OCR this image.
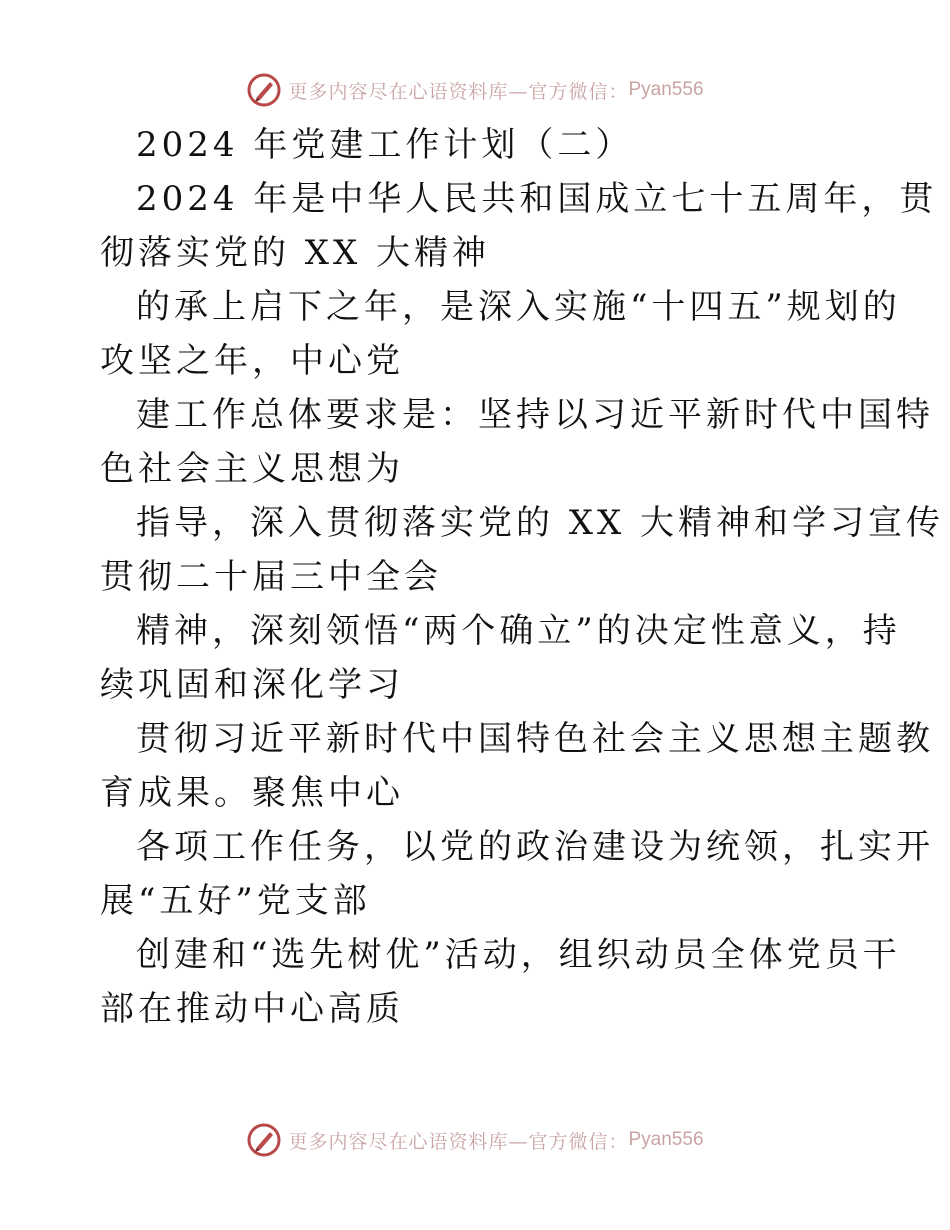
更多内容尽在心语资料库—官方微信： Pyan556
2024 年党建工作计划（二）
2024 年是中华人民共和国成立七十五周年，贯
彻落实党的 XX 大精神
的承上启下之年，是深入实施“十四五”规划的
攻坚之年，中心党
建工作总体要求是：坚持以习近平新时代中国特
色社会主义思想为
指导，深入贯彻落实党的 XX 大精神和学习宣传
贯彻二十届三中全会
精神，深刻领悟“两个确立”的决定性意义，持
续巩固和深化学习
贯彻习近平新时代中国特色社会主义思想主题教
育成果。聚焦中心
各项工作任务，以党的政治建设为统领，扎实开
展“五好”党支部
创建和“选先树优”活动，组织动员全体党员干
部在推动中心高质
更多内容尽在心语资料库—官方微信： Pyan556
